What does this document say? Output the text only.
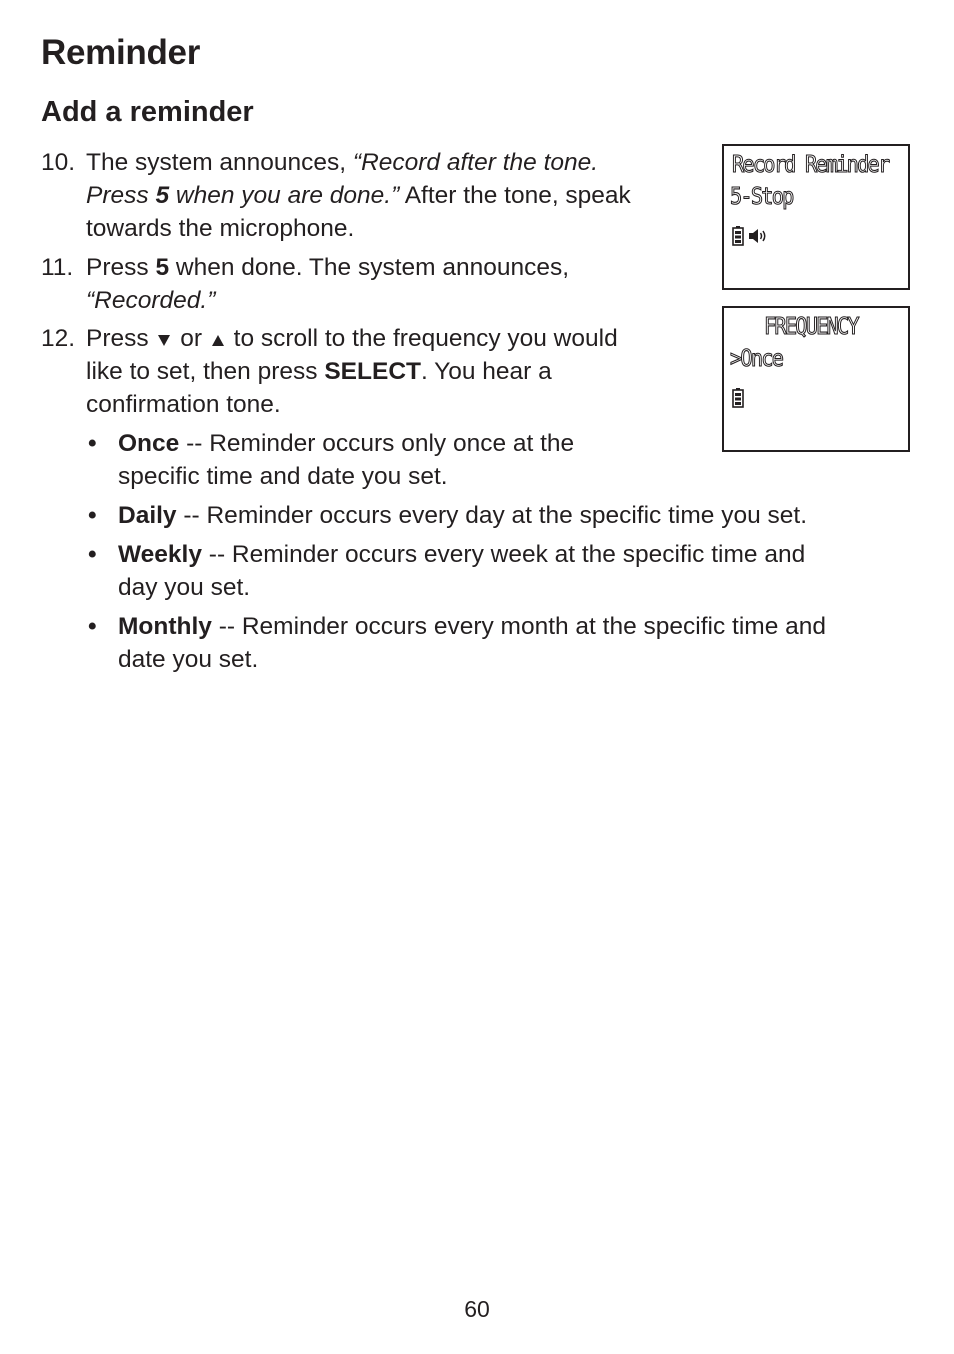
Reminder
Add a reminder
10. The system announces, “Record after the tone.
Press 5 when you are done.” After the tone, speak
towards the microphone.
11. Press 5 when done. The system announces,
“Recorded.”
12. Press  or  to scroll to the frequency you would
like to set, then press SELECT. You hear a
confirmation tone.
• Once -- Reminder occurs only once at the
specific time and date you set.
• Daily -- Reminder occurs every day at the specific time you set.
• Weekly -- Reminder occurs every week at the specific time and
day you set.
• Monthly -- Reminder occurs every month at the specific time and
date you set.
Record Reminder
5-Stop
FREQUENCY
>Once
60
